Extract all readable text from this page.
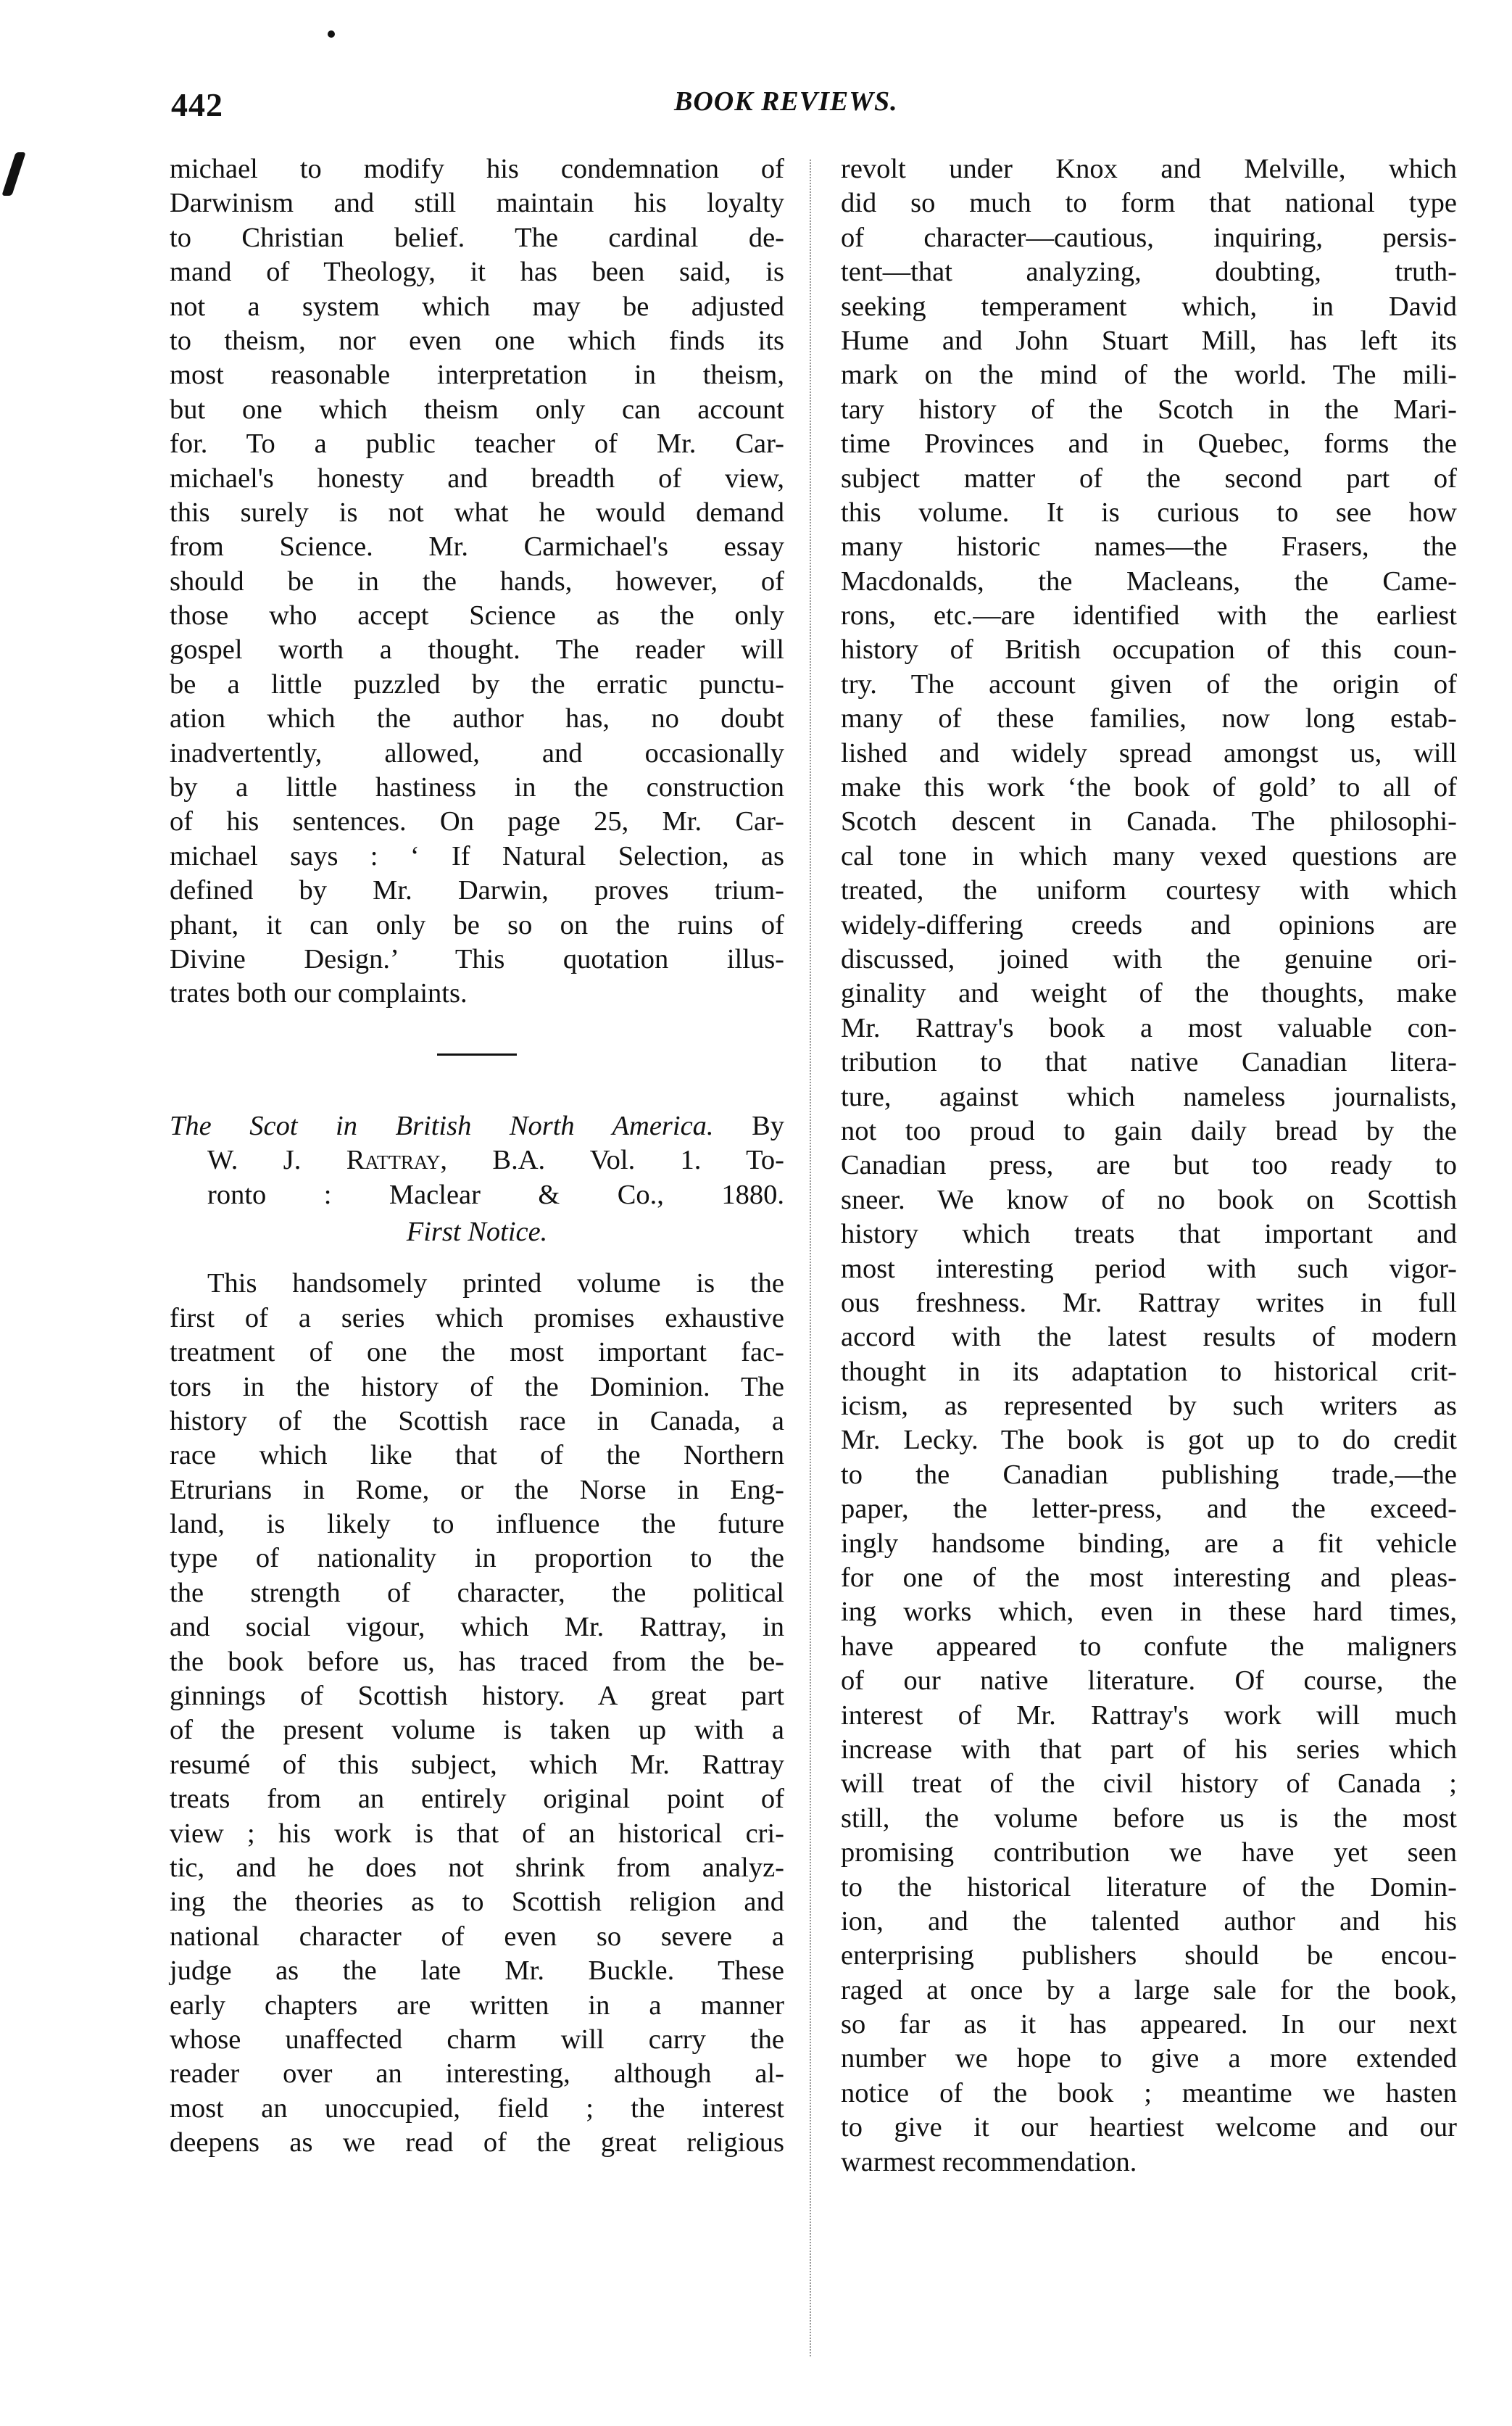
442	BOOK REVIEWS.
michael to modify his condemnation of
Darwinism and still maintain his loyalty
to Christian belief. The cardinal de-
mand of Theology, it has been said, is
not a system which may be adjusted
to theism, nor even one which finds its
most reasonable interpretation in theism,
but one which theism only can account
for. To a public teacher of Mr. Car-
michael's honesty and breadth of view,
this surely is not what he would demand
from Science. Mr. Carmichael's essay
should be in the hands, however, of
those who accept Science as the only
gospel worth a thought. The reader will
be a little puzzled by the erratic punctu-
ation which the author has, no doubt
inadvertently, allowed, and occasionally
by a little hastiness in the construction
of his sentences. On page 25, Mr. Car-
michael says : ‘ If Natural Selection, as
defined by Mr. Darwin, proves trium-
phant, it can only be so on the ruins of
Divine Design.’ This quotation illus-
trates both our complaints.
The Scot in British North America. By
W. J. Rattray, B.A. Vol. 1. To-
ronto : Maclear & Co., 1880.
First Notice.
This handsomely printed volume is the
first of a series which promises exhaustive
treatment of one the most important fac-
tors in the history of the Dominion. The
history of the Scottish race in Canada, a
race which like that of the Northern
Etrurians in Rome, or the Norse in Eng-
land, is likely to influence the future
type of nationality in proportion to the
the strength of character, the political
and social vigour, which Mr. Rattray, in
the book before us, has traced from the be-
ginnings of Scottish history. A great part
of the present volume is taken up with a
resumé of this subject, which Mr. Rattray
treats from an entirely original point of
view ; his work is that of an historical cri-
tic, and he does not shrink from analyz-
ing the theories as to Scottish religion and
national character of even so severe a
judge as the late Mr. Buckle. These
early chapters are written in a manner
whose unaffected charm will carry the
reader over an interesting, although al-
most an unoccupied, field ; the interest
deepens as we read of the great religious
revolt under Knox and Melville, which
did so much to form that national type
of character—cautious, inquiring, persis-
tent—that analyzing, doubting, truth-
seeking temperament which, in David
Hume and John Stuart Mill, has left its
mark on the mind of the world. The mili-
tary history of the Scotch in the Mari-
time Provinces and in Quebec, forms the
subject matter of the second part of
this volume. It is curious to see how
many historic names—the Frasers, the
Macdonalds, the Macleans, the Came-
rons, etc.—are identified with the earliest
history of British occupation of this coun-
try. The account given of the origin of
many of these families, now long estab-
lished and widely spread amongst us, will
make this work ‘the book of gold’ to all of
Scotch descent in Canada. The philosophi-
cal tone in which many vexed questions are
treated, the uniform courtesy with which
widely-differing creeds and opinions are
discussed, joined with the genuine ori-
ginality and weight of the thoughts, make
Mr. Rattray's book a most valuable con-
tribution to that native Canadian litera-
ture, against which nameless journalists,
not too proud to gain daily bread by the
Canadian press, are but too ready to
sneer. We know of no book on Scottish
history which treats that important and
most interesting period with such vigor-
ous freshness. Mr. Rattray writes in full
accord with the latest results of modern
thought in its adaptation to historical crit-
icism, as represented by such writers as
Mr. Lecky. The book is got up to do credit
to the Canadian publishing trade,—the
paper, the letter-press, and the exceed-
ingly handsome binding, are a fit vehicle
for one of the most interesting and pleas-
ing works which, even in these hard times,
have appeared to confute the maligners
of our native literature. Of course, the
interest of Mr. Rattray's work will much
increase with that part of his series which
will treat of the civil history of Canada ;
still, the volume before us is the most
promising contribution we have yet seen
to the historical literature of the Domin-
ion, and the talented author and his
enterprising publishers should be encou-
raged at once by a large sale for the book,
so far as it has appeared. In our next
number we hope to give a more extended
notice of the book ; meantime we hasten
to give it our heartiest welcome and our
warmest recommendation.
